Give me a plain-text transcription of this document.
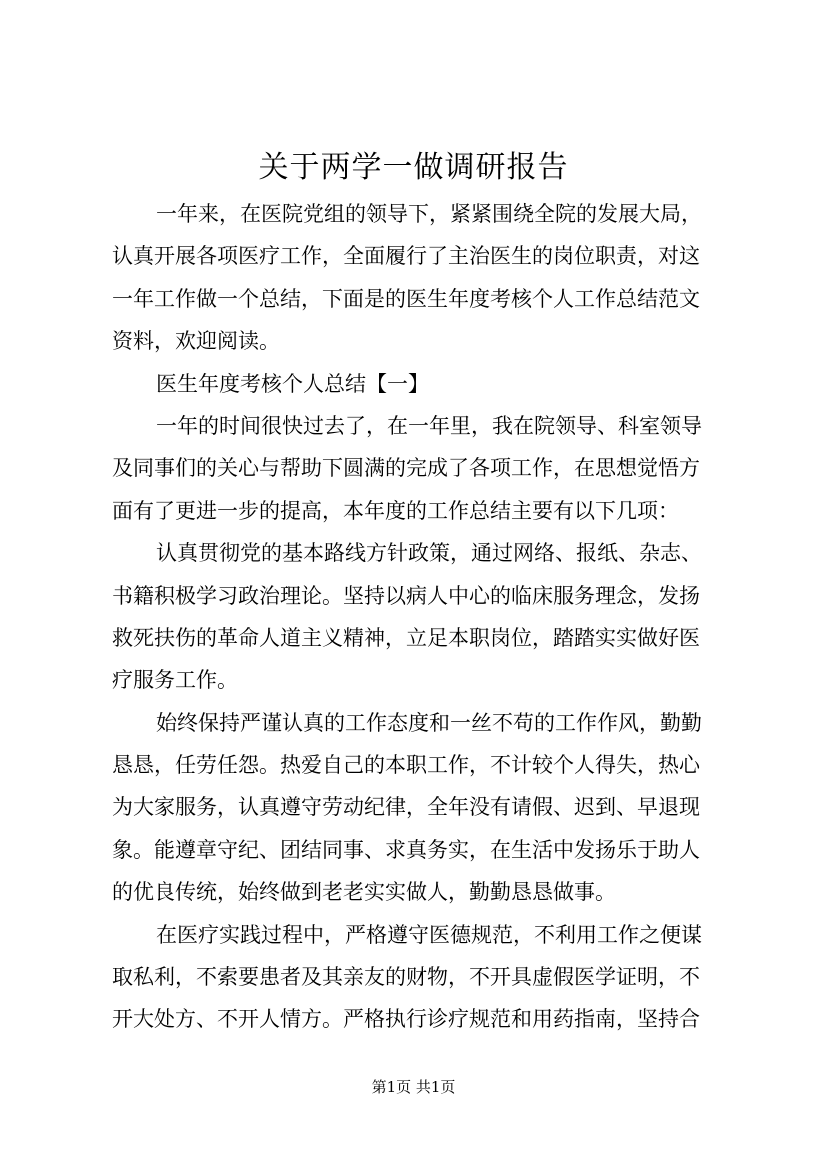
关于两学一做调研报告
一年来，在医院党组的领导下，紧紧围绕全院的发展大局，
认真开展各项医疗工作，全面履行了主治医生的岗位职责，对这
一年工作做一个总结，下面是的医生年度考核个人工作总结范文
资料，欢迎阅读。
医生年度考核个人总结【一】
一年的时间很快过去了，在一年里，我在院领导、科室领导
及同事们的关心与帮助下圆满的完成了各项工作，在思想觉悟方
面有了更进一步的提高，本年度的工作总结主要有以下几项：
认真贯彻党的基本路线方针政策，通过网络、报纸、杂志、
书籍积极学习政治理论。坚持以病人中心的临床服务理念，发扬
救死扶伤的革命人道主义精神，立足本职岗位，踏踏实实做好医
疗服务工作。
始终保持严谨认真的工作态度和一丝不苟的工作作风，勤勤
恳恳，任劳任怨。热爱自己的本职工作，不计较个人得失，热心
为大家服务，认真遵守劳动纪律，全年没有请假、迟到、早退现
象。能遵章守纪、团结同事、求真务实，在生活中发扬乐于助人
的优良传统，始终做到老老实实做人，勤勤恳恳做事。
在医疗实践过程中，严格遵守医德规范，不利用工作之便谋
取私利，不索要患者及其亲友的财物，不开具虚假医学证明，不
开大处方、不开人情方。严格执行诊疗规范和用药指南，坚持合
第1页 共1页
